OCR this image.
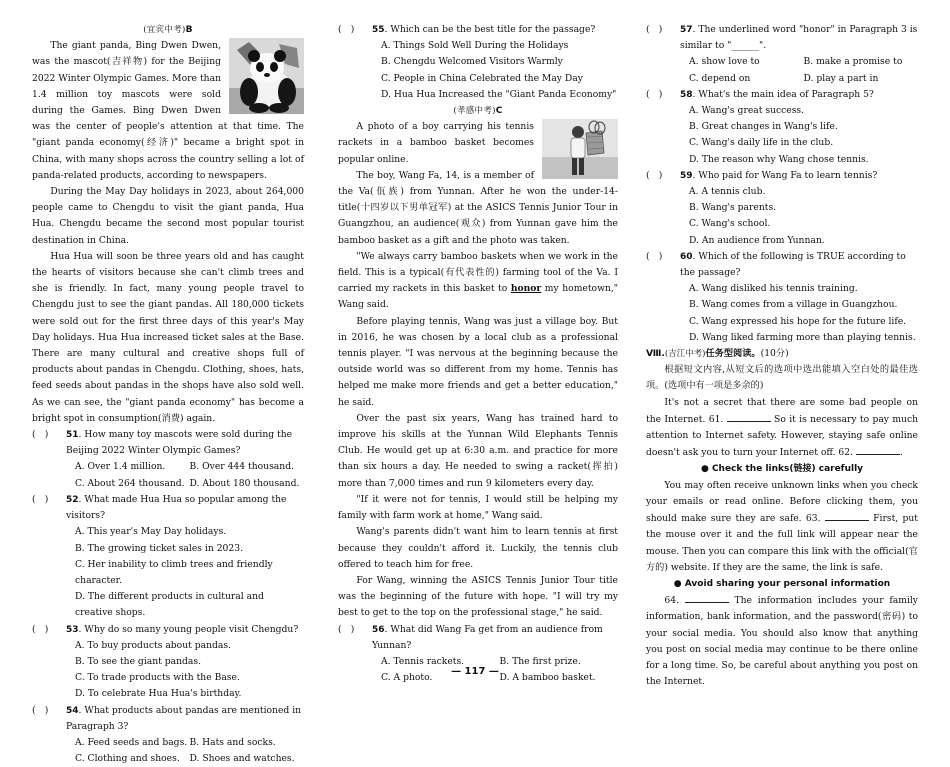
(宜宾中考)B

The giant panda, Bing Dwen Dwen, was the mascot(吉祥物) for the Beijing 2022 Winter Olympic Games. More than 1.4 million toy mascots were sold during the Games. Bing Dwen Dwen was the center of people's attention at that time. The "giant panda economy(经济)" became a bright spot in China, with many shops across the country selling a lot of panda-related products, according to newspapers.

During the May Day holidays in 2023, about 264,000 people came to Chengdu to visit the giant panda, Hua Hua. Chengdu became the second most popular tourist destination in China.

Hua Hua will soon be three years old and has caught the hearts of visitors because she can't climb trees and she is friendly. In fact, many young people travel to Chengdu just to see the giant pandas. All 180,000 tickets were sold out for the first three days of this year's May Day holidays. Hua Hua increased ticket sales at the Base. There are many cultural and creative shops full of products about pandas in Chengdu. Clothing, shoes, hats, feed seeds about pandas in the shops have also sold well. As we can see, the "giant panda economy" has become a bright spot in consumption(消费) again.

(　)	51. How many toy mascots were sold during the Beijing 2022 Winter Olympic Games?
A. Over 1.4 million.	B. Over 444 thousand.
C. About 264 thousand. D. About 180 thousand.
(　)	52. What made Hua Hua so popular among the visitors?
A. This year's May Day holidays.
B. The growing ticket sales in 2023.
C. Her inability to climb trees and friendly character.
D. The different products in cultural and creative shops.
(　)	53. Why do so many young people visit Chengdu?
A. To buy products about pandas.
B. To see the giant pandas.
C. To trade products with the Base.
D. To celebrate Hua Hua's birthday.
(　)	54. What products about pandas are mentioned in Paragraph 3?
A. Feed seeds and bags. B. Hats and socks.
C. Clothing and shoes.	D. Shoes and watches.
(　)	55. Which can be the best title for the passage?
A. Things Sold Well During the Holidays
B. Chengdu Welcomed Visitors Warmly
C. People in China Celebrated the May Day
D. Hua Hua Increased the "Giant Panda Economy"
(孝感中考)C

A photo of a boy carrying his tennis rackets in a bamboo basket becomes popular online.

The boy, Wang Fa, 14, is a member of the Va(佤族) from Yunnan. After he won the under-14-title(十四岁以下男单冠军) at the ASICS Tennis Junior Tour in Guangzhou, an audience(观众) from Yunnan gave him the bamboo basket as a gift and the photo was taken.

"We always carry bamboo baskets when we work in the field. This is a typical(有代表性的) farming tool of the Va. I carried my rackets in this basket to honor my hometown," Wang said.

Before playing tennis, Wang was just a village boy. But in 2016, he was chosen by a local club as a professional tennis player. "I was nervous at the beginning because the outside world was so different from my home. Tennis has helped me make more friends and get a better education," he said.

Over the past six years, Wang has trained hard to improve his skills at the Yunnan Wild Elephants Tennis Club. He would get up at 6:30 a.m. and practice for more than six hours a day. He needed to swing a racket(挥拍) more than 7,000 times and run 9 kilometers every day.

"If it were not for tennis, I would still be helping my family with farm work at home," Wang said.

Wang's parents didn't want him to learn tennis at first because they couldn't afford it. Luckily, the tennis club offered to teach him for free.

For Wang, winning the ASICS Tennis Junior Tour title was the beginning of the future with hope. "I will try my best to get to the top on the professional stage," he said.

(　)	56. What did Wang Fa get from an audience from Yunnan?
A. Tennis rackets.	B. The first prize.
C. A photo.	D. A bamboo basket.
(　)	57. The underlined word "honor" in Paragraph 3 is similar to "______".
A. show love to	B. make a promise to
C. depend on	D. play a part in
(　)	58. What's the main idea of Paragraph 5?
A. Wang's great success.
B. Great changes in Wang's life.
C. Wang's daily life in the club.
D. The reason why Wang chose tennis.
(　)	59. Who paid for Wang Fa to learn tennis?
A. A tennis club.
B. Wang's parents.
C. Wang's school.
D. An audience from Yunnan.
(　)	60. Which of the following is TRUE according to the passage?
A. Wang disliked his tennis training.
B. Wang comes from a village in Guangzhou.
C. Wang expressed his hope for the future life.
D. Wang liked farming more than playing tennis.
Ⅷ.(吉江中考)任务型阅读。(10分)

根据短文内容,从短文后的选项中选出能填入空白处的最佳选项。(选项中有一项是多余的)

It's not a secret that there are some bad people on the Internet. 61.	So it is necessary to pay much attention to Internet safety. However, staying safe online doesn't ask you to turn your Internet off. 62.	.

● Check the links(链接) carefully

You may often receive unknown links when you check your emails or read online. Before clicking them, you should make sure they are safe. 63.	First, put the mouse over it and the full link will appear near the mouse. Then you can compare this link with the official(官方的) website. If they are the same, the link is safe.

● Avoid sharing your personal information

64.	The information includes your family information, bank information, and the password(密码) to your social media. You should also know that anything you post on social media may continue to be there online for a long time. So, be careful about anything you post on the Internet.

— 117 —
